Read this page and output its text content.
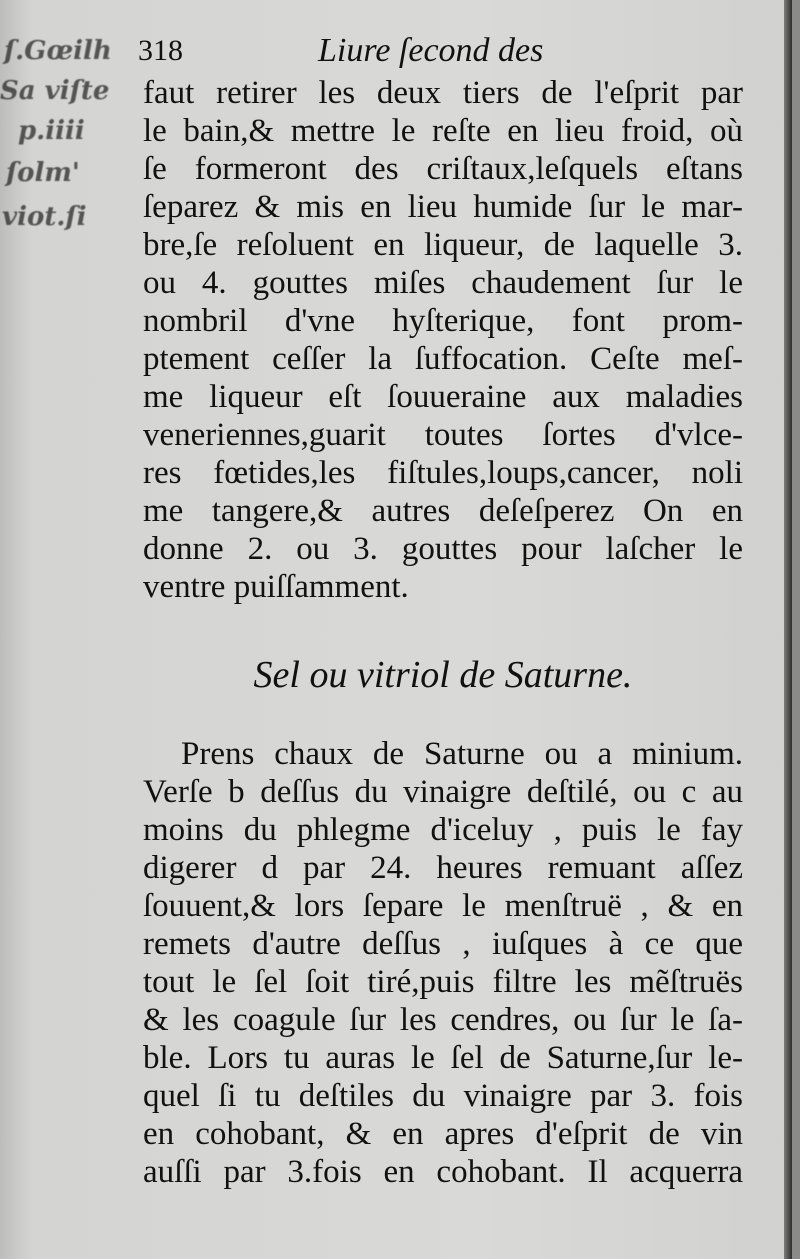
ſ.Gœilh
Sa viſte
p.iiii
ſolm'
viot.ſi
318	Liure ſecond des
faut retirer les deux tiers de l'eſprit par
le bain,& mettre le reſte en lieu froid, où
ſe formeront des criſtaux,leſquels eſtans
ſeparez & mis en lieu humide ſur le mar-
bre,ſe reſoluent en liqueur, de laquelle 3.
ou 4. gouttes miſes chaudement ſur le
nombril d'vne hyſterique, font prom-
ptement ceſſer la ſuffocation. Ceſte meſ-
me liqueur eſt ſouueraine aux maladies
veneriennes,guarit toutes ſortes d'vlce-
res fœtides,les fiſtules,loups,cancer, noli
me tangere,& autres deſeſperez On en
donne 2. ou 3. gouttes pour laſcher le
ventre puiſſamment.
Sel ou vitriol de Saturne.
Prens chaux de Saturne ou a minium.
Verſe b deſſus du vinaigre deſtilé, ou c au
moins du phlegme d'iceluy , puis le fay
digerer d par 24. heures remuant aſſez
ſouuent,& lors ſepare le menſtruë , & en
remets d'autre deſſus , iuſques à ce que
tout le ſel ſoit tiré,puis filtre les mẽſtruës
& les coagule ſur les cendres, ou ſur le ſa-
ble. Lors tu auras le ſel de Saturne,ſur le-
quel ſi tu deſtiles du vinaigre par 3. fois
en cohobant, & en apres d'eſprit de vin
auſſi par 3.fois en cohobant. Il acquerra
